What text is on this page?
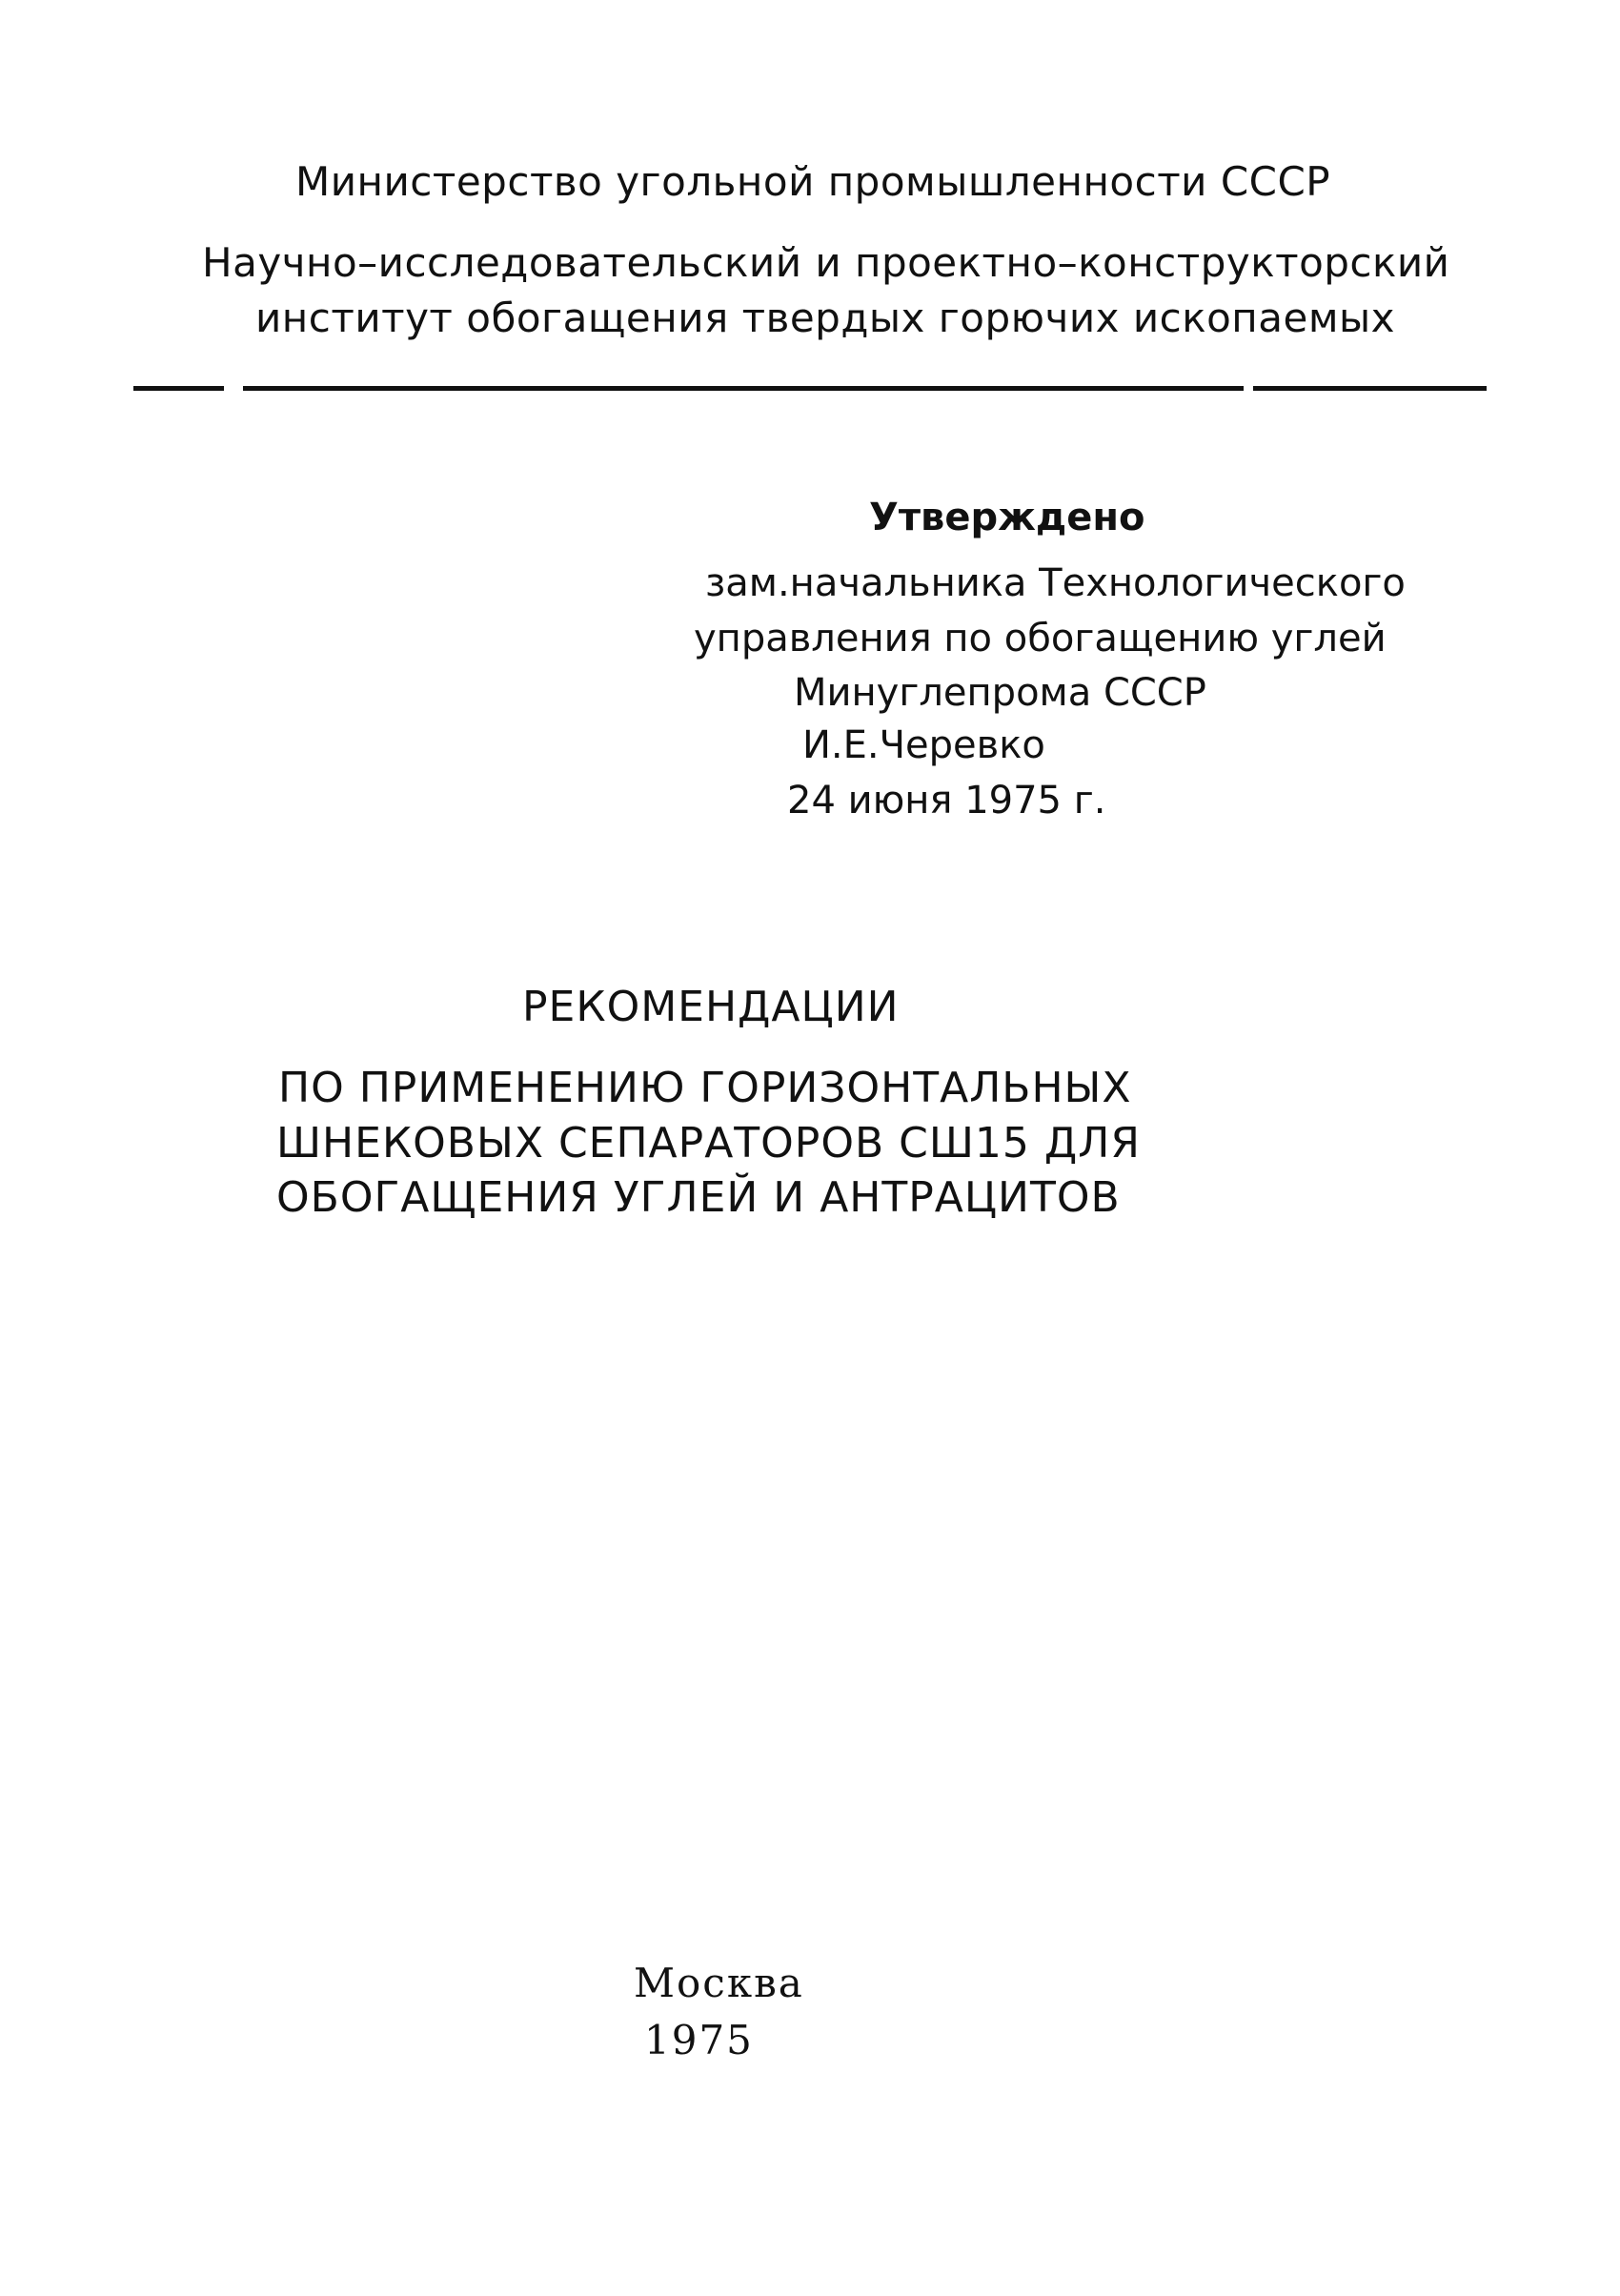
Министерство угольной промышленности СССР
Научно–исследовательский и проектно–конструкторский
институт обогащения твердых горючих ископаемых
Утверждено
зам.начальника Технологического
управления по обогащению углей
Минуглепрома СССР
И.Е.Черевко
24 июня 1975 г.
РЕКОМЕНДАЦИИ
ПО ПРИМЕНЕНИЮ ГОРИЗОНТАЛЬНЫХ
ШНЕКОВЫХ СЕПАРАТОРОВ СШ15 ДЛЯ
ОБОГАЩЕНИЯ УГЛЕЙ И АНТРАЦИТОВ
Москва
1975
